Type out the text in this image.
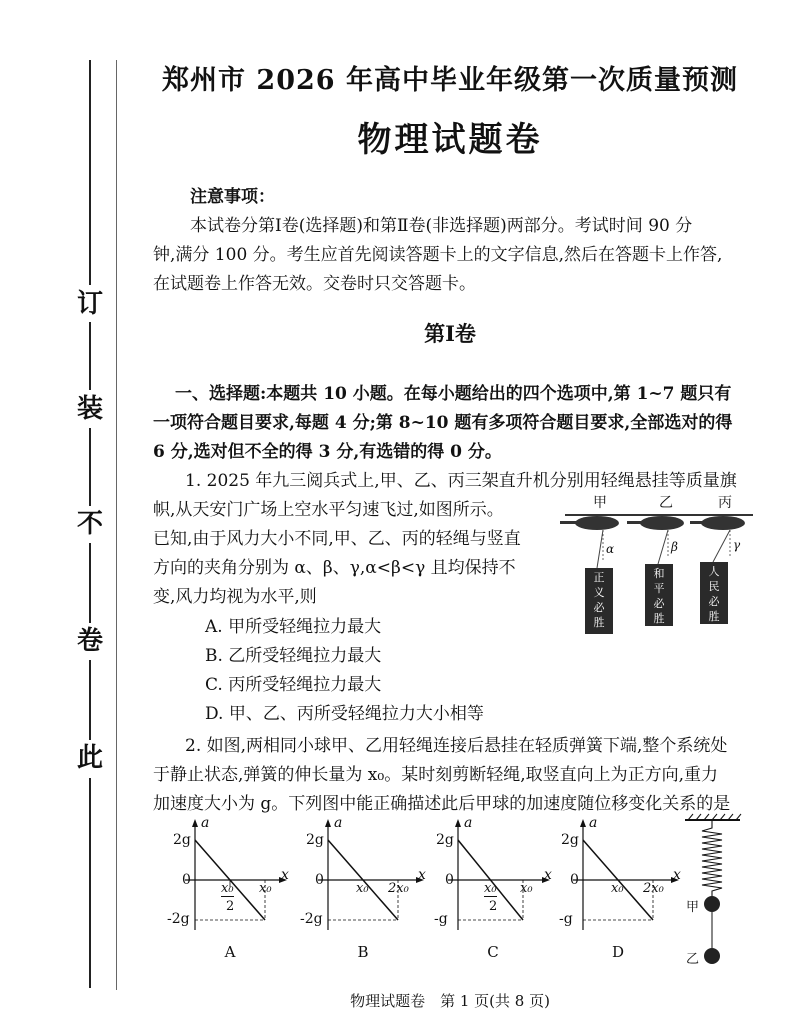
订
装
不
卷
此
郑州市 2026 年高中毕业年级第一次质量预测
物理试题卷
注意事项：
本试卷分第Ⅰ卷(选择题)和第Ⅱ卷(非选择题)两部分。考试时间 90 分
钟,满分 100 分。考生应首先阅读答题卡上的文字信息,然后在答题卡上作答,
在试题卷上作答无效。交卷时只交答题卡。
第Ⅰ卷
一、选择题:本题共 10 小题。在每小题给出的四个选项中,第 1~7 题只有
一项符合题目要求,每题 4 分;第 8~10 题有多项符合题目要求,全部选对的得
6 分,选对但不全的得 3 分,有选错的得 0 分。
1. 2025 年九三阅兵式上,甲、乙、丙三架直升机分别用轻绳悬挂等质量旗
帜,从天安门广场上空水平匀速飞过,如图所示。
已知,由于风力大小不同,甲、乙、丙的轻绳与竖直
方向的夹角分别为 α、β、γ,α<β<γ 且均保持不
变,风力均视为水平,则
A. 甲所受轻绳拉力最大
B. 乙所受轻绳拉力最大
C. 丙所受轻绳拉力最大
D. 甲、乙、丙所受轻绳拉力大小相等
甲	乙	丙
α	β	γ
正
义
必
胜
和
平
必
胜
人
民
必
胜
2. 如图,两相同小球甲、乙用轻绳连接后悬挂在轻质弹簧下端,整个系统处
于静止状态,弹簧的伸长量为 x₀。某时刻剪断轻绳,取竖直向上为正方向,重力
加速度大小为 g。下列图中能正确描述此后甲球的加速度随位移变化关系的是
a
x
2g
0
-2g
x₀
2
x₀
A
a
x
2g
0
-2g
x₀ 2x₀
B
a
x
2g
0
-g
x₀
2
x₀
C
a
x
2g
0
-g
x₀ 2x₀
D
甲
乙
物理试题卷　第 1 页(共 8 页)
